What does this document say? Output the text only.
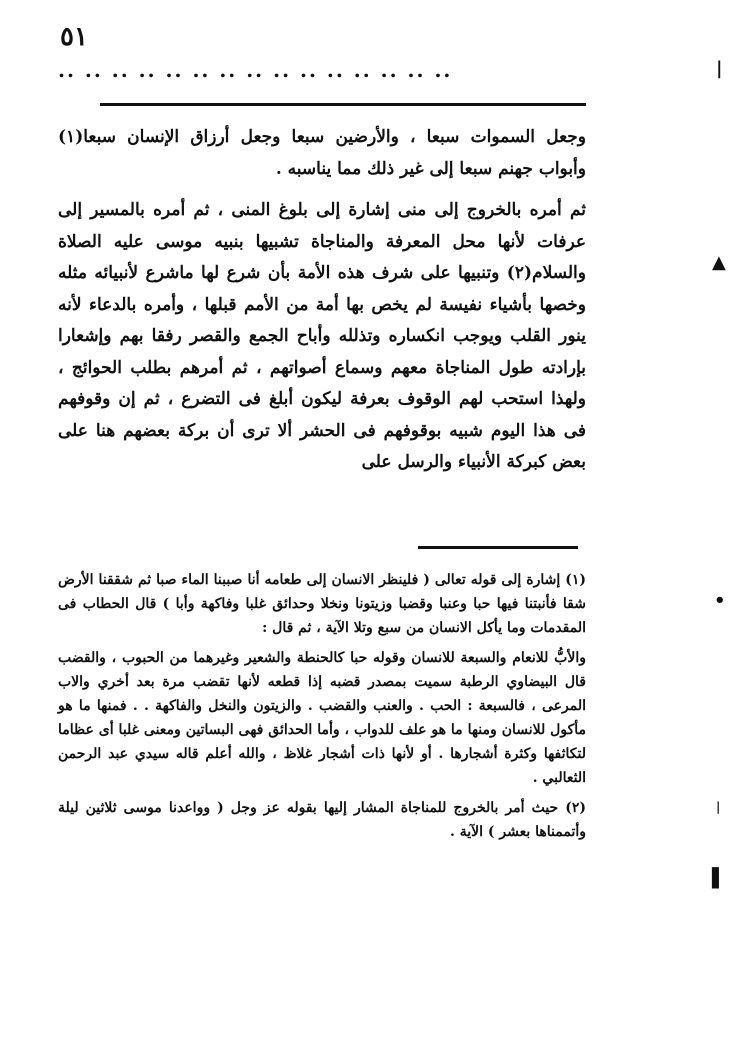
٥١
.. .. .. .. .. .. .. .. .. .. .. .. .. .. ..

وجعل السموات سبعا ، والأرضين سبعا وجعل أرزاق الإنسان سبعا(١) وأبواب جهنم سبعا إلى غير ذلك مما يناسبه .

ثم أمره بالخروج إلى منى إشارة إلى بلوغ المنى ، ثم أمره بالمسير إلى عرفات لأنها محل المعرفة والمناجاة تشبيها بنبيه موسى عليه الصلاة والسلام(٢) وتنبيها على شرف هذه الأمة بأن شرع لها ماشرع لأنبيائه مثله وخصها بأشياء نفيسة لم يخص بها أمة من الأمم قبلها ، وأمره بالدعاء لأنه ينور القلب ويوجب انكساره وتذلله وأباح الجمع والقصر رفقا بهم وإشعارا بإرادته طول المناجاة معهم وسماع أصواتهم ، ثم أمرهم بطلب الحوائج ، ولهذا استحب لهم الوقوف بعرفة ليكون أبلغ فى التضرع ، ثم إن وقوفهم فى هذا اليوم شبيه بوقوفهم فى الحشر ألا ترى أن بركة بعضهم هنا على بعض كبركة الأنبياء والرسل على

(١) إشارة إلى قوله تعالى ( فلينظر الانسان إلى طعامه أنا صببنا الماء صبا ثم شققنا الأرض شقا فأنبتنا فيها حبا وعنبا وقضبا وزيتونا ونخلا وحدائق غلبا وفاكهة وأبا ) قال الحطاب فى المقدمات وما يأكل الانسان من سبع وتلا الآية ، ثم قال :

والأبُّ للانعام والسبعة للانسان وقوله حبا كالحنطة والشعير وغيرهما من الحبوب ، والقضب قال البيضاوي الرطبة سميت بمصدر قضبه إذا قطعه لأنها تقضب مرة بعد أخري والاب المرعى ، فالسبعة : الحب . والعنب والقضب . والزيتون والنخل والفاكهة . . فمنها ما هو مأكول للانسان ومنها ما هو علف للدواب ، وأما الحدائق فهى البساتين ومعنى غلبا أى عظاما لتكاثفها وكثرة أشجارها . أو لأنها ذات أشجار غلاظ ، والله أعلم قاله سيدي عبد الرحمن الثعالبي .

(٢) حيث أمر بالخروج للمناجاة المشار إليها بقوله عز وجل ( وواعدنا موسى ثلاثين ليلة وأتممناها بعشر ) الآية .

|
▲
•
|
▌
